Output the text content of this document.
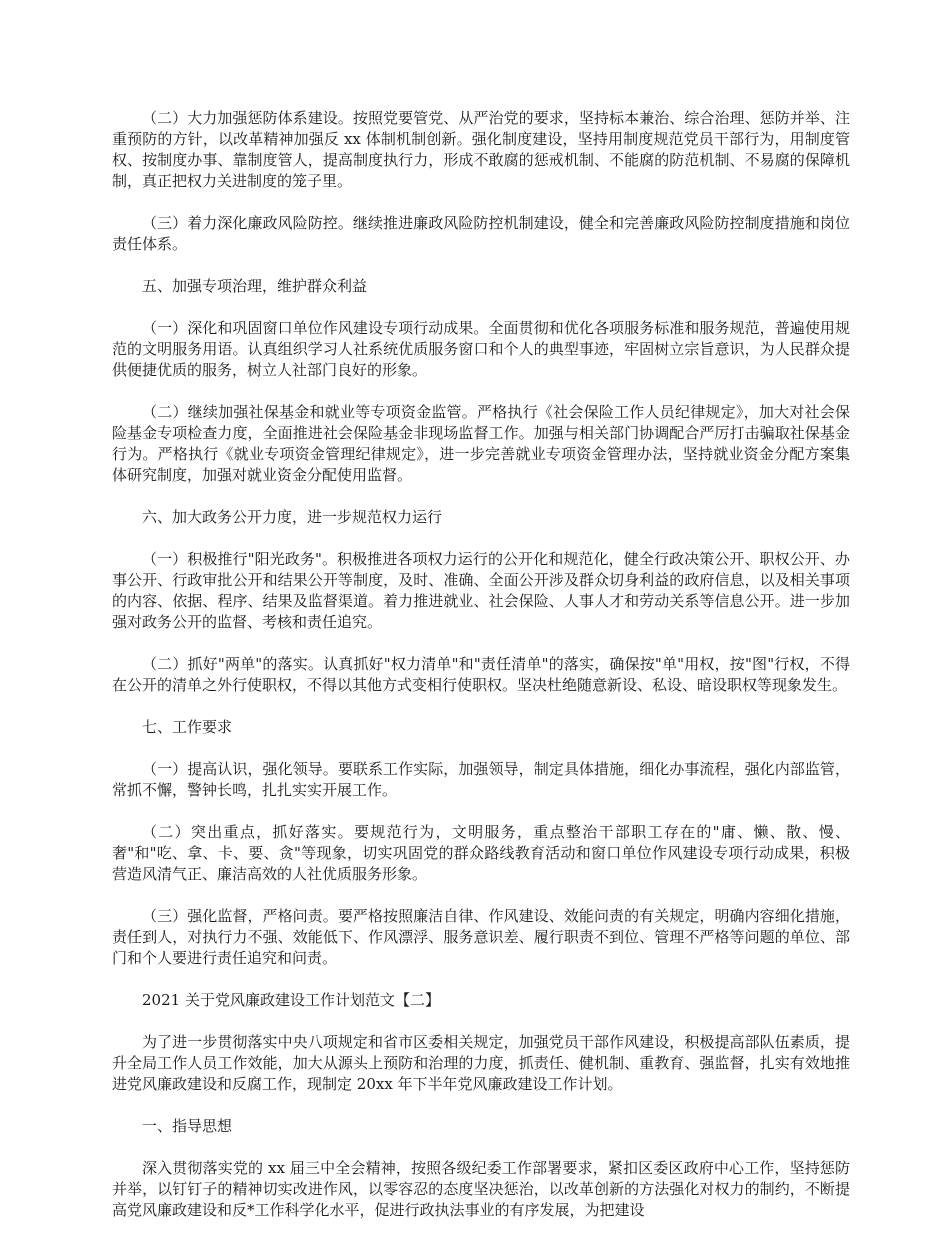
（二）大力加强惩防体系建设。按照党要管党、从严治党的要求，坚持标本兼治、综合治理、惩防并举、注重预防的方针，以改革精神加强反 xx 体制机制创新。强化制度建设，坚持用制度规范党员干部行为，用制度管权、按制度办事、靠制度管人，提高制度执行力，形成不敢腐的惩戒机制、不能腐的防范机制、不易腐的保障机制，真正把权力关进制度的笼子里。

（三）着力深化廉政风险防控。继续推进廉政风险防控机制建设，健全和完善廉政风险防控制度措施和岗位责任体系。

五、加强专项治理，维护群众利益

（一）深化和巩固窗口单位作风建设专项行动成果。全面贯彻和优化各项服务标准和服务规范，普遍使用规范的文明服务用语。认真组织学习人社系统优质服务窗口和个人的典型事迹，牢固树立宗旨意识，为人民群众提供便捷优质的服务，树立人社部门良好的形象。

（二）继续加强社保基金和就业等专项资金监管。严格执行《社会保险工作人员纪律规定》，加大对社会保险基金专项检查力度，全面推进社会保险基金非现场监督工作。加强与相关部门协调配合严厉打击骗取社保基金行为。严格执行《就业专项资金管理纪律规定》，进一步完善就业专项资金管理办法，坚持就业资金分配方案集体研究制度，加强对就业资金分配使用监督。

六、加大政务公开力度，进一步规范权力运行

（一）积极推行"阳光政务"。积极推进各项权力运行的公开化和规范化，健全行政决策公开、职权公开、办事公开、行政审批公开和结果公开等制度，及时、准确、全面公开涉及群众切身利益的政府信息，以及相关事项的内容、依据、程序、结果及监督渠道。着力推进就业、社会保险、人事人才和劳动关系等信息公开。进一步加强对政务公开的监督、考核和责任追究。

（二）抓好"两单"的落实。认真抓好"权力清单"和"责任清单"的落实，确保按"单"用权，按"图"行权，不得在公开的清单之外行使职权，不得以其他方式变相行使职权。坚决杜绝随意新设、私设、暗设职权等现象发生。

七、工作要求

（一）提高认识，强化领导。要联系工作实际，加强领导，制定具体措施，细化办事流程，强化内部监管，常抓不懈，警钟长鸣，扎扎实实开展工作。

（二）突出重点，抓好落实。要规范行为，文明服务，重点整治干部职工存在的"庸、懒、散、慢、奢"和"吃、拿、卡、要、贪"等现象，切实巩固党的群众路线教育活动和窗口单位作风建设专项行动成果，积极营造风清气正、廉洁高效的人社优质服务形象。

（三）强化监督，严格问责。要严格按照廉洁自律、作风建设、效能问责的有关规定，明确内容细化措施，责任到人，对执行力不强、效能低下、作风漂浮、服务意识差、履行职责不到位、管理不严格等问题的单位、部门和个人要进行责任追究和问责。

2021 关于党风廉政建设工作计划范文【二】

为了进一步贯彻落实中央八项规定和省市区委相关规定，加强党员干部作风建设，积极提高部队伍素质，提升全局工作人员工作效能，加大从源头上预防和治理的力度，抓责任、健机制、重教育、强监督，扎实有效地推进党风廉政建设和反腐工作，现制定 20xx 年下半年党风廉政建设工作计划。

一、指导思想

深入贯彻落实党的 xx 届三中全会精神，按照各级纪委工作部署要求，紧扣区委区政府中心工作，坚持惩防并举，以钉钉子的精神切实改进作风，以零容忍的态度坚决惩治，以改革创新的方法强化对权力的制约，不断提高党风廉政建设和反*工作科学化水平，促进行政执法事业的有序发展，为把建设
